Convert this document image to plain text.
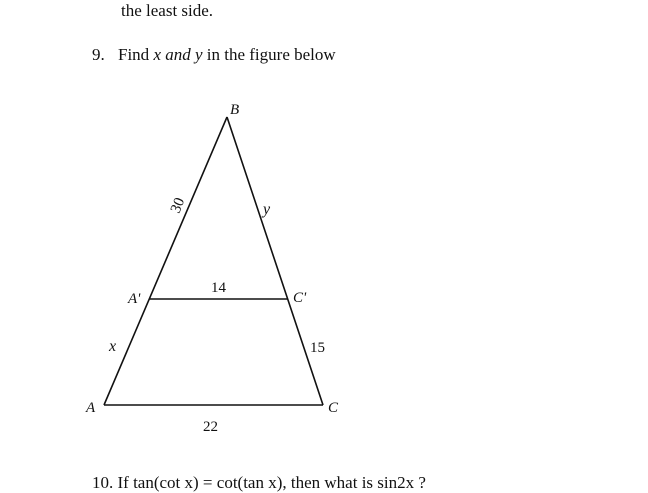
the least side.
9. Find x and y in the figure below
B
A	C
A'	C'
30	y
14
x	15
22
10. If tan(cot x) = cot(tan x), then what is sin2x ?
